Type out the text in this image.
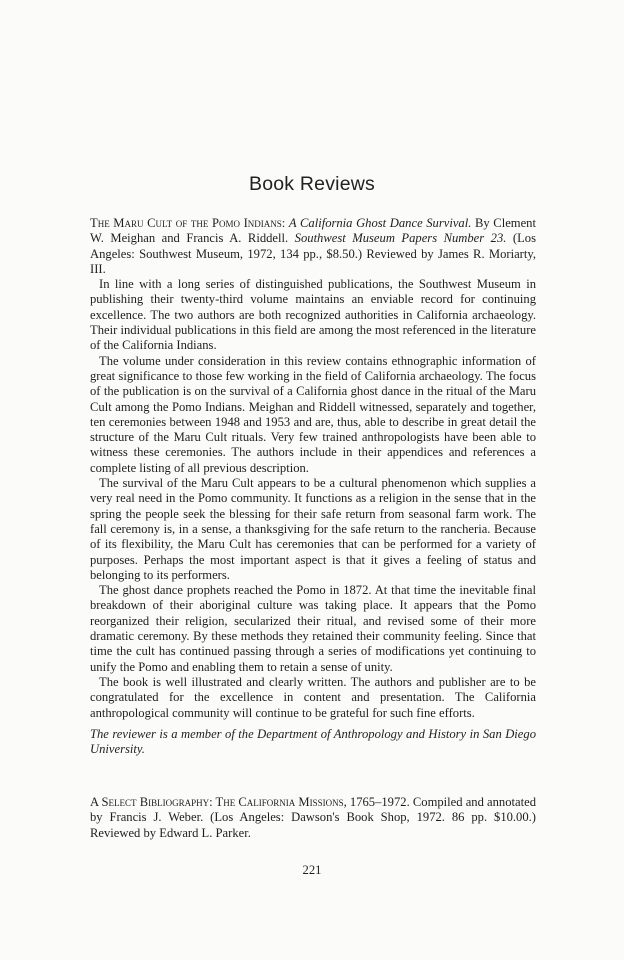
Book Reviews

The Maru Cult of the Pomo Indians: A California Ghost Dance Survival. By Clement W. Meighan and Francis A. Riddell. Southwest Museum Papers Number 23. (Los Angeles: Southwest Museum, 1972, 134 pp., $8.50.) Reviewed by James R. Moriarty, III.

In line with a long series of distinguished publications, the Southwest Museum in publishing their twenty-third volume maintains an enviable record for continuing excellence. The two authors are both recognized authorities in California archaeology. Their individual publications in this field are among the most referenced in the literature of the California Indians.

The volume under consideration in this review contains ethnographic information of great significance to those few working in the field of California archaeology. The focus of the publication is on the survival of a California ghost dance in the ritual of the Maru Cult among the Pomo Indians. Meighan and Riddell witnessed, separately and together, ten ceremonies between 1948 and 1953 and are, thus, able to describe in great detail the structure of the Maru Cult rituals. Very few trained anthropologists have been able to witness these ceremonies. The authors include in their appendices and references a complete listing of all previous description.

The survival of the Maru Cult appears to be a cultural phenomenon which supplies a very real need in the Pomo community. It functions as a religion in the sense that in the spring the people seek the blessing for their safe return from seasonal farm work. The fall ceremony is, in a sense, a thanksgiving for the safe return to the rancheria. Because of its flexibility, the Maru Cult has ceremonies that can be performed for a variety of purposes. Perhaps the most important aspect is that it gives a feeling of status and belonging to its performers.

The ghost dance prophets reached the Pomo in 1872. At that time the inevitable final breakdown of their aboriginal culture was taking place. It appears that the Pomo reorganized their religion, secularized their ritual, and revised some of their more dramatic ceremony. By these methods they retained their community feeling. Since that time the cult has continued passing through a series of modifications yet continuing to unify the Pomo and enabling them to retain a sense of unity.

The book is well illustrated and clearly written. The authors and publisher are to be congratulated for the excellence in content and presentation. The California anthropological community will continue to be grateful for such fine efforts.

The reviewer is a member of the Department of Anthropology and History in San Diego University.

A Select Bibliography: The California Missions, 1765–1972. Compiled and annotated by Francis J. Weber. (Los Angeles: Dawson's Book Shop, 1972. 86 pp. $10.00.) Reviewed by Edward L. Parker.

221
